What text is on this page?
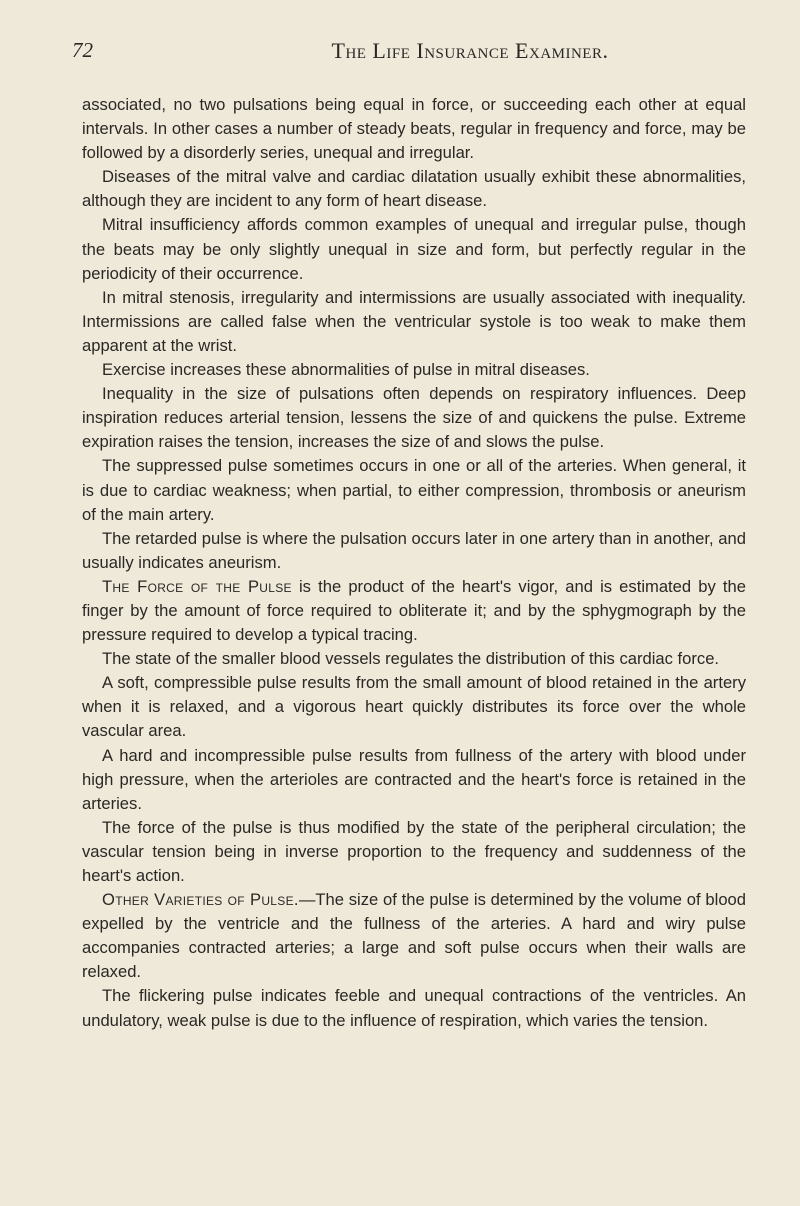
72	The Life Insurance Examiner.

associated, no two pulsations being equal in force, or succeeding each other at equal intervals. In other cases a number of steady beats, regular in frequency and force, may be followed by a disorderly series, unequal and irregular.

Diseases of the mitral valve and cardiac dilatation usually exhibit these abnormalities, although they are incident to any form of heart disease.

Mitral insufficiency affords common examples of unequal and irregular pulse, though the beats may be only slightly unequal in size and form, but perfectly regular in the periodicity of their occurrence.

In mitral stenosis, irregularity and intermissions are usually associated with inequality. Intermissions are called false when the ventricular systole is too weak to make them apparent at the wrist.

Exercise increases these abnormalities of pulse in mitral diseases.

Inequality in the size of pulsations often depends on respiratory influences. Deep inspiration reduces arterial tension, lessens the size of and quickens the pulse. Extreme expiration raises the tension, increases the size of and slows the pulse.

The suppressed pulse sometimes occurs in one or all of the arteries. When general, it is due to cardiac weakness; when partial, to either compression, thrombosis or aneurism of the main artery.

The retarded pulse is where the pulsation occurs later in one artery than in another, and usually indicates aneurism.

The Force of the Pulse is the product of the heart's vigor, and is estimated by the finger by the amount of force required to obliterate it; and by the sphygmograph by the pressure required to develop a typical tracing.

The state of the smaller blood vessels regulates the distribution of this cardiac force.

A soft, compressible pulse results from the small amount of blood retained in the artery when it is relaxed, and a vigorous heart quickly distributes its force over the whole vascular area.

A hard and incompressible pulse results from fullness of the artery with blood under high pressure, when the arterioles are contracted and the heart's force is retained in the arteries.

The force of the pulse is thus modified by the state of the peripheral circulation; the vascular tension being in inverse proportion to the frequency and suddenness of the heart's action.

Other Varieties of Pulse.—The size of the pulse is determined by the volume of blood expelled by the ventricle and the fullness of the arteries. A hard and wiry pulse accompanies contracted arteries; a large and soft pulse occurs when their walls are relaxed.

The flickering pulse indicates feeble and unequal contractions of the ventricles. An undulatory, weak pulse is due to the influence of respiration, which varies the tension.
